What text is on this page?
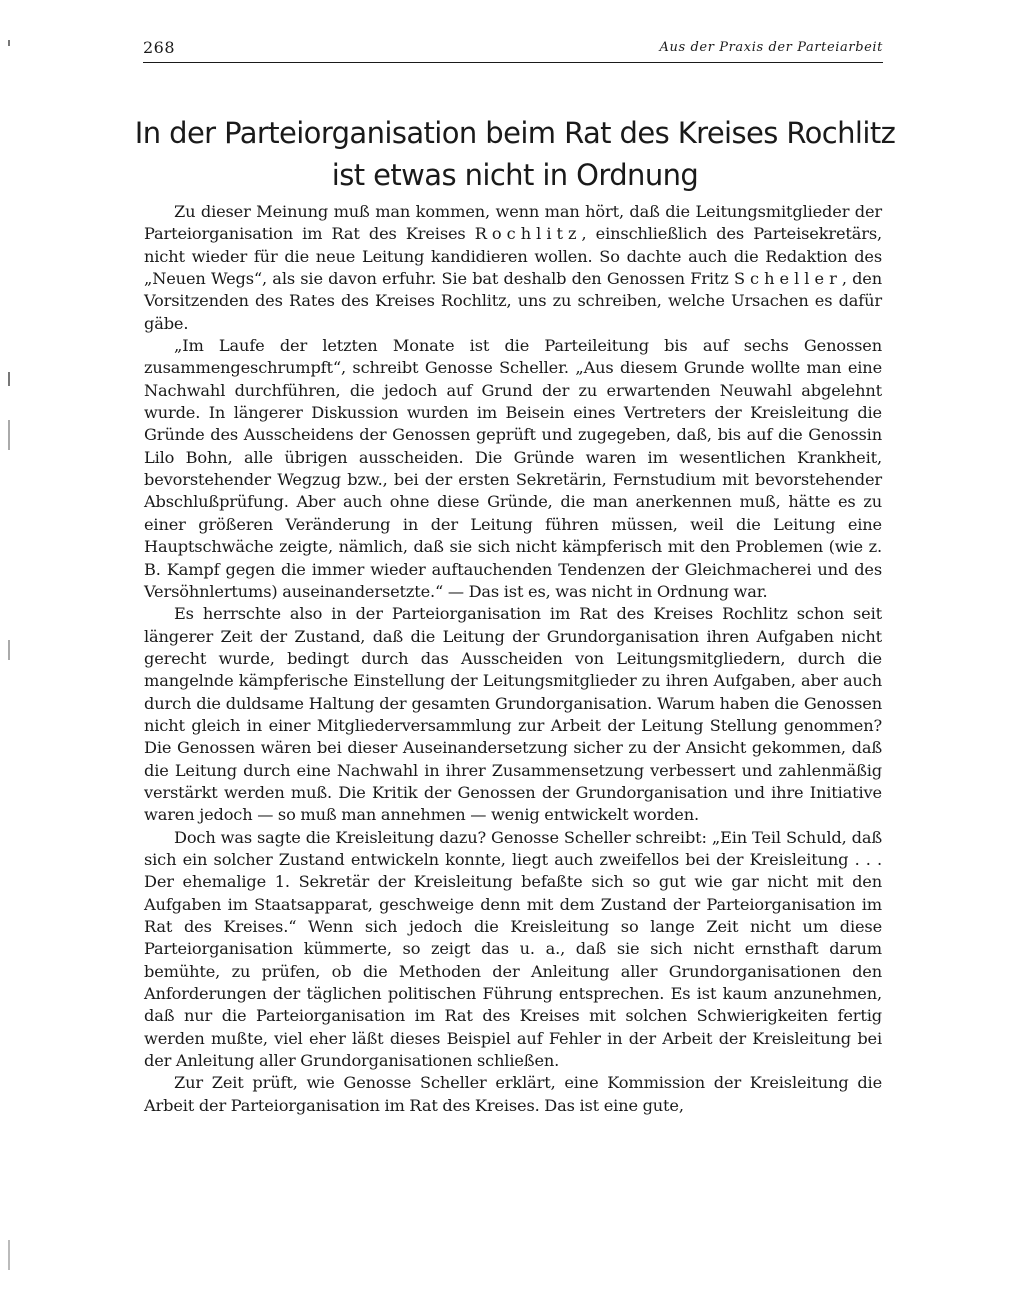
268	Aus der Praxis der Parteiarbeit
In der Parteiorganisation beim Rat des Kreises Rochlitz
ist etwas nicht in Ordnung

Zu dieser Meinung muß man kommen, wenn man hört, daß die Leitungsmitglieder der Parteiorganisation im Rat des Kreises Rochlitz, einschließlich des Parteisekretärs, nicht wieder für die neue Leitung kandidieren wollen. So dachte auch die Redaktion des „Neuen Wegs“, als sie davon erfuhr. Sie bat deshalb den Genossen Fritz Scheller, den Vorsitzenden des Rates des Kreises Rochlitz, uns zu schreiben, welche Ursachen es dafür gäbe.

„Im Laufe der letzten Monate ist die Parteileitung bis auf sechs Genossen zusammengeschrumpft“, schreibt Genosse Scheller. „Aus diesem Grunde wollte man eine Nachwahl durchführen, die jedoch auf Grund der zu erwartenden Neuwahl abgelehnt wurde. In längerer Diskussion wurden im Beisein eines Vertreters der Kreisleitung die Gründe des Ausscheidens der Genossen geprüft und zugegeben, daß, bis auf die Genossin Lilo Bohn, alle übrigen ausscheiden. Die Gründe waren im wesentlichen Krankheit, bevorstehender Wegzug bzw., bei der ersten Sekretärin, Fernstudium mit bevorstehender Abschlußprüfung. Aber auch ohne diese Gründe, die man anerkennen muß, hätte es zu einer größeren Veränderung in der Leitung führen müssen, weil die Leitung eine Hauptschwäche zeigte, nämlich, daß sie sich nicht kämpferisch mit den Problemen (wie z. B. Kampf gegen die immer wieder auftauchenden Tendenzen der Gleichmacherei und des Versöhnlertums) auseinandersetzte.“ — Das ist es, was nicht in Ordnung war.

Es herrschte also in der Parteiorganisation im Rat des Kreises Rochlitz schon seit längerer Zeit der Zustand, daß die Leitung der Grundorganisation ihren Aufgaben nicht gerecht wurde, bedingt durch das Ausscheiden von Leitungsmitgliedern, durch die mangelnde kämpferische Einstellung der Leitungsmitglieder zu ihren Aufgaben, aber auch durch die duldsame Haltung der gesamten Grundorganisation. Warum haben die Genossen nicht gleich in einer Mitgliederversammlung zur Arbeit der Leitung Stellung genommen? Die Genossen wären bei dieser Auseinandersetzung sicher zu der Ansicht gekommen, daß die Leitung durch eine Nachwahl in ihrer Zusammensetzung verbessert und zahlenmäßig verstärkt werden muß. Die Kritik der Genossen der Grundorganisation und ihre Initiative waren jedoch — so muß man annehmen — wenig entwickelt worden.

Doch was sagte die Kreisleitung dazu? Genosse Scheller schreibt: „Ein Teil Schuld, daß sich ein solcher Zustand entwickeln konnte, liegt auch zweifellos bei der Kreisleitung . . . Der ehemalige 1. Sekretär der Kreisleitung befaßte sich so gut wie gar nicht mit den Aufgaben im Staatsapparat, geschweige denn mit dem Zustand der Parteiorganisation im Rat des Kreises.“ Wenn sich jedoch die Kreisleitung so lange Zeit nicht um diese Parteiorganisation kümmerte, so zeigt das u. a., daß sie sich nicht ernsthaft darum bemühte, zu prüfen, ob die Methoden der Anleitung aller Grundorganisationen den Anforderungen der täglichen politischen Führung entsprechen. Es ist kaum anzunehmen, daß nur die Parteiorganisation im Rat des Kreises mit solchen Schwierigkeiten fertig werden mußte, viel eher läßt dieses Beispiel auf Fehler in der Arbeit der Kreisleitung bei der Anleitung aller Grundorganisationen schließen.

Zur Zeit prüft, wie Genosse Scheller erklärt, eine Kommission der Kreisleitung die Arbeit der Parteiorganisation im Rat des Kreises. Das ist eine gute,
